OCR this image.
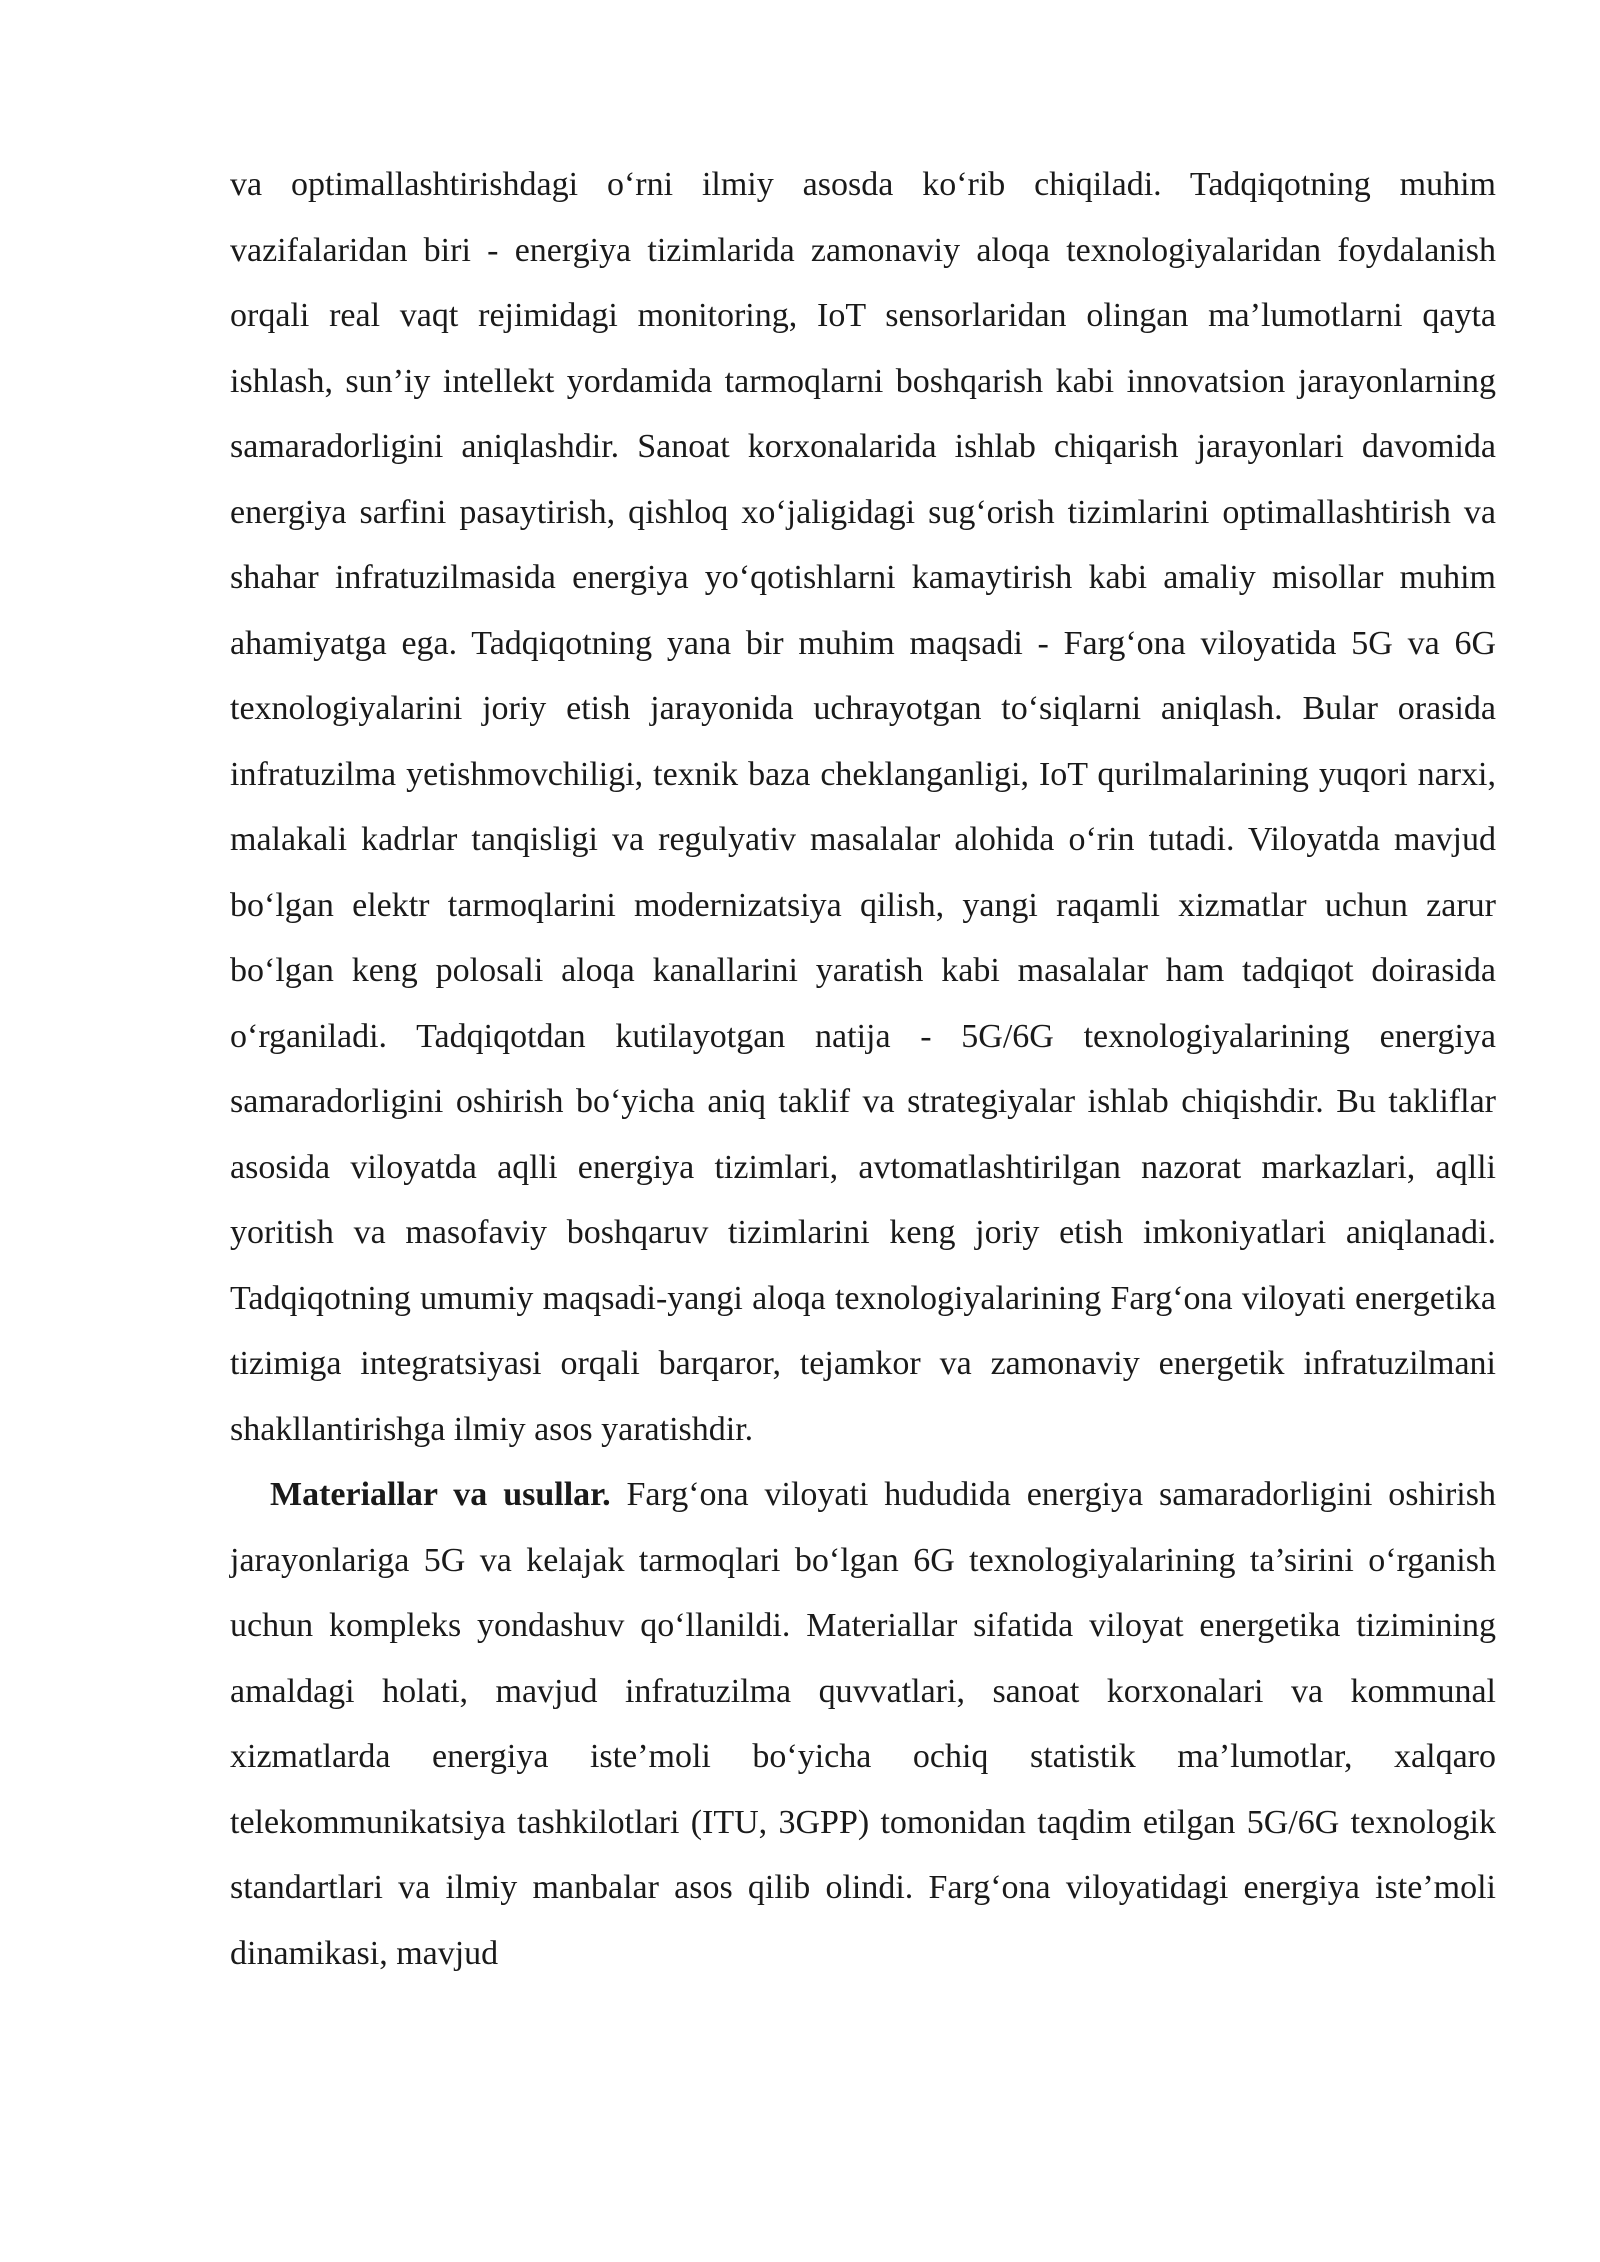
va optimallashtirishdagi o‘rni ilmiy asosda ko‘rib chiqiladi. Tadqiqotning muhim vazifalaridan biri - energiya tizimlarida zamonaviy aloqa texnologiyalaridan foydalanish orqali real vaqt rejimidagi monitoring, IoT sensorlaridan olingan ma’lumotlarni qayta ishlash, sun’iy intellekt yordamida tarmoqlarni boshqarish kabi innovatsion jarayonlarning samaradorligini aniqlashdir. Sanoat korxonalarida ishlab chiqarish jarayonlari davomida energiya sarfini pasaytirish, qishloq xo‘jaligidagi sug‘orish tizimlarini optimallashtirish va shahar infratuzilmasida energiya yo‘qotishlarni kamaytirish kabi amaliy misollar muhim ahamiyatga ega. Tadqiqotning yana bir muhim maqsadi - Farg‘ona viloyatida 5G va 6G texnologiyalarini joriy etish jarayonida uchrayotgan to‘siqlarni aniqlash. Bular orasida infratuzilma yetishmovchiligi, texnik baza cheklanganligi, IoT qurilmalarining yuqori narxi, malakali kadrlar tanqisligi va regulyativ masalalar alohida o‘rin tutadi. Viloyatda mavjud bo‘lgan elektr tarmoqlarini modernizatsiya qilish, yangi raqamli xizmatlar uchun zarur bo‘lgan keng polosali aloqa kanallarini yaratish kabi masalalar ham tadqiqot doirasida o‘rganiladi. Tadqiqotdan kutilayotgan natija - 5G/6G texnologiyalarining energiya samaradorligini oshirish bo‘yicha aniq taklif va strategiyalar ishlab chiqishdir. Bu takliflar asosida viloyatda aqlli energiya tizimlari, avtomatlashtirilgan nazorat markazlari, aqlli yoritish va masofaviy boshqaruv tizimlarini keng joriy etish imkoniyatlari aniqlanadi. Tadqiqotning umumiy maqsadi-yangi aloqa texnologiyalarining Farg‘ona viloyati energetika tizimiga integratsiyasi orqali barqaror, tejamkor va zamonaviy energetik infratuzilmani shakllantirishga ilmiy asos yaratishdir.

Materiallar va usullar. Farg‘ona viloyati hududida energiya samaradorligini oshirish jarayonlariga 5G va kelajak tarmoqlari bo‘lgan 6G texnologiyalarining ta’sirini o‘rganish uchun kompleks yondashuv qo‘llanildi. Materiallar sifatida viloyat energetika tizimining amaldagi holati, mavjud infratuzilma quvvatlari, sanoat korxonalari va kommunal xizmatlarda energiya iste’moli bo‘yicha ochiq statistik ma’lumotlar, xalqaro telekommunikatsiya tashkilotlari (ITU, 3GPP) tomonidan taqdim etilgan 5G/6G texnologik standartlari va ilmiy manbalar asos qilib olindi. Farg‘ona viloyatidagi energiya iste’moli dinamikasi, mavjud
